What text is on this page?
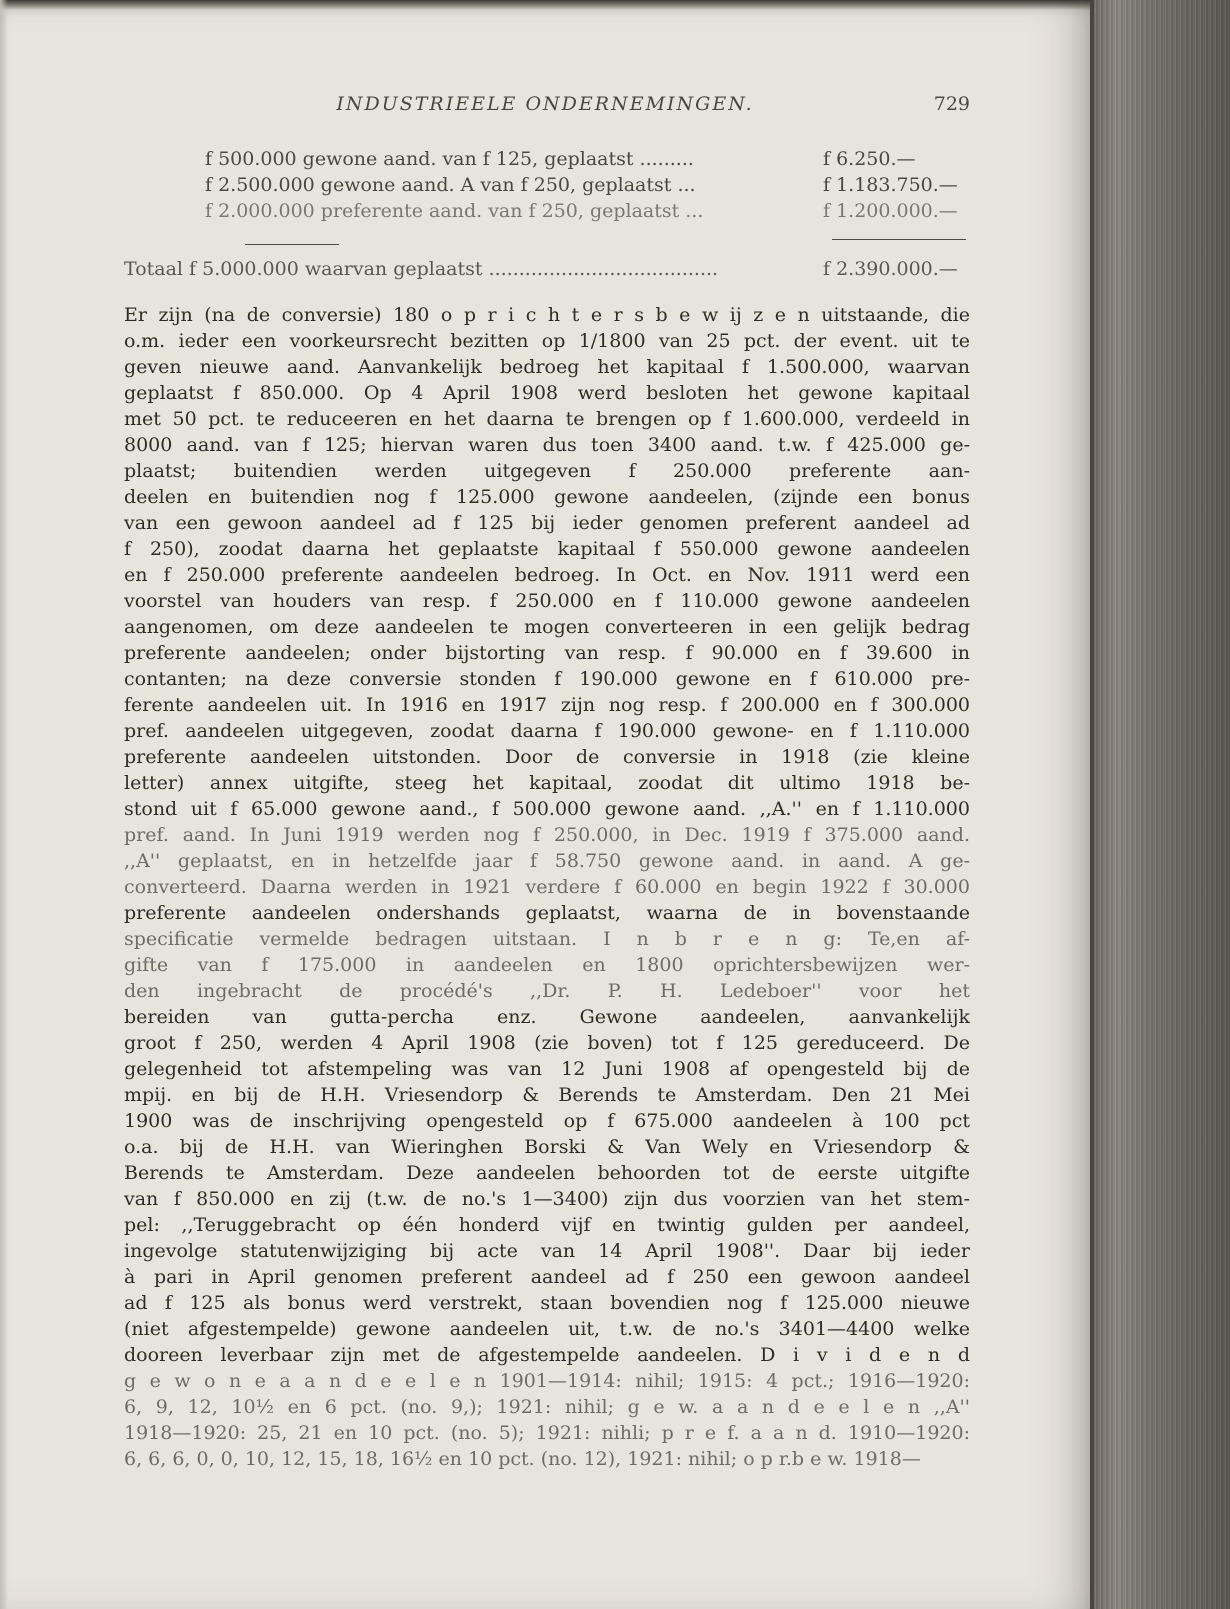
INDUSTRIEELE ONDERNEMINGEN.	729
f 500.000 gewone aand. van f 125, geplaatst .........	f 6.250.—
f 2.500.000 gewone aand. A van f 250, geplaatst ...	f 1.183.750.—
f 2.000.000 preferente aand. van f 250, geplaatst ...	f 1.200.000.—
Totaal f 5.000.000 waarvan geplaatst ......................................	f 2.390.000.—
Er zijn (na de conversie) 180 o p r i c h t e r s b e w ij z e n uitstaande, die
o.m. ieder een voorkeursrecht bezitten op 1/1800 van 25 pct. der event. uit te
geven nieuwe aand. Aanvankelijk bedroeg het kapitaal f 1.500.000, waarvan
geplaatst f 850.000. Op 4 April 1908 werd besloten het gewone kapitaal
met 50 pct. te reduceeren en het daarna te brengen op f 1.600.000, verdeeld in
8000 aand. van f 125; hiervan waren dus toen 3400 aand. t.w. f 425.000 ge-
plaatst; buitendien werden uitgegeven f 250.000 preferente aan-
deelen en buitendien nog f 125.000 gewone aandeelen, (zijnde een bonus
van een gewoon aandeel ad f 125 bij ieder genomen preferent aandeel ad
f 250), zoodat daarna het geplaatste kapitaal f 550.000 gewone aandeelen
en f 250.000 preferente aandeelen bedroeg. In Oct. en Nov. 1911 werd een
voorstel van houders van resp. f 250.000 en f 110.000 gewone aandeelen
aangenomen, om deze aandeelen te mogen converteeren in een gelijk bedrag
preferente aandeelen; onder bijstorting van resp. f 90.000 en f 39.600 in
contanten; na deze conversie stonden f 190.000 gewone en f 610.000 pre-
ferente aandeelen uit. In 1916 en 1917 zijn nog resp. f 200.000 en f 300.000
pref. aandeelen uitgegeven, zoodat daarna f 190.000 gewone- en f 1.110.000
preferente aandeelen uitstonden. Door de conversie in 1918 (zie kleine
letter) annex uitgifte, steeg het kapitaal, zoodat dit ultimo 1918 be-
stond uit f 65.000 gewone aand., f 500.000 gewone aand. ,,A.'' en f 1.110.000
pref. aand. In Juni 1919 werden nog f 250.000, in Dec. 1919 f 375.000 aand.
,,A'' geplaatst, en in hetzelfde jaar f 58.750 gewone aand. in aand. A ge-
converteerd. Daarna werden in 1921 verdere f 60.000 en begin 1922 f 30.000
preferente aandeelen ondershands geplaatst, waarna de in bovenstaande
specificatie vermelde bedragen uitstaan. I n b r e n g: Te,en af-
gifte van f 175.000 in aandeelen en 1800 oprichtersbewijzen wer-
den ingebracht de procédé's ,,Dr. P. H. Ledeboer'' voor het
bereiden van gutta-percha enz. Gewone aandeelen, aanvankelijk
groot f 250, werden 4 April 1908 (zie boven) tot f 125 gereduceerd. De
gelegenheid tot afstempeling was van 12 Juni 1908 af opengesteld bij de
mpij. en bij de H.H. Vriesendorp & Berends te Amsterdam. Den 21 Mei
1900 was de inschrijving opengesteld op f 675.000 aandeelen à 100 pct
o.a. bij de H.H. van Wieringhen Borski & Van Wely en Vriesendorp &
Berends te Amsterdam. Deze aandeelen behoorden tot de eerste uitgifte
van f 850.000 en zij (t.w. de no.'s 1—3400) zijn dus voorzien van het stem-
pel: ,,Teruggebracht op één honderd vijf en twintig gulden per aandeel,
ingevolge statutenwijziging bij acte van 14 April 1908''. Daar bij ieder
à pari in April genomen preferent aandeel ad f 250 een gewoon aandeel
ad f 125 als bonus werd verstrekt, staan bovendien nog f 125.000 nieuwe
(niet afgestempelde) gewone aandeelen uit, t.w. de no.'s 3401—4400 welke
dooreen leverbaar zijn met de afgestempelde aandeelen. D i v i d e n d
g e w o n e a a n d e e l e n 1901—1914: nihil; 1915: 4 pct.; 1916—1920:
6, 9, 12, 10½ en 6 pct. (no. 9,); 1921: nihil; g e w. a a n d e e l e n ,,A''
1918—1920: 25, 21 en 10 pct. (no. 5); 1921: nihli; p r e f. a a n d. 1910—1920:
6, 6, 6, 0, 0, 10, 12, 15, 18, 16½ en 10 pct. (no. 12), 1921: nihil; o p r.b e w. 1918—
